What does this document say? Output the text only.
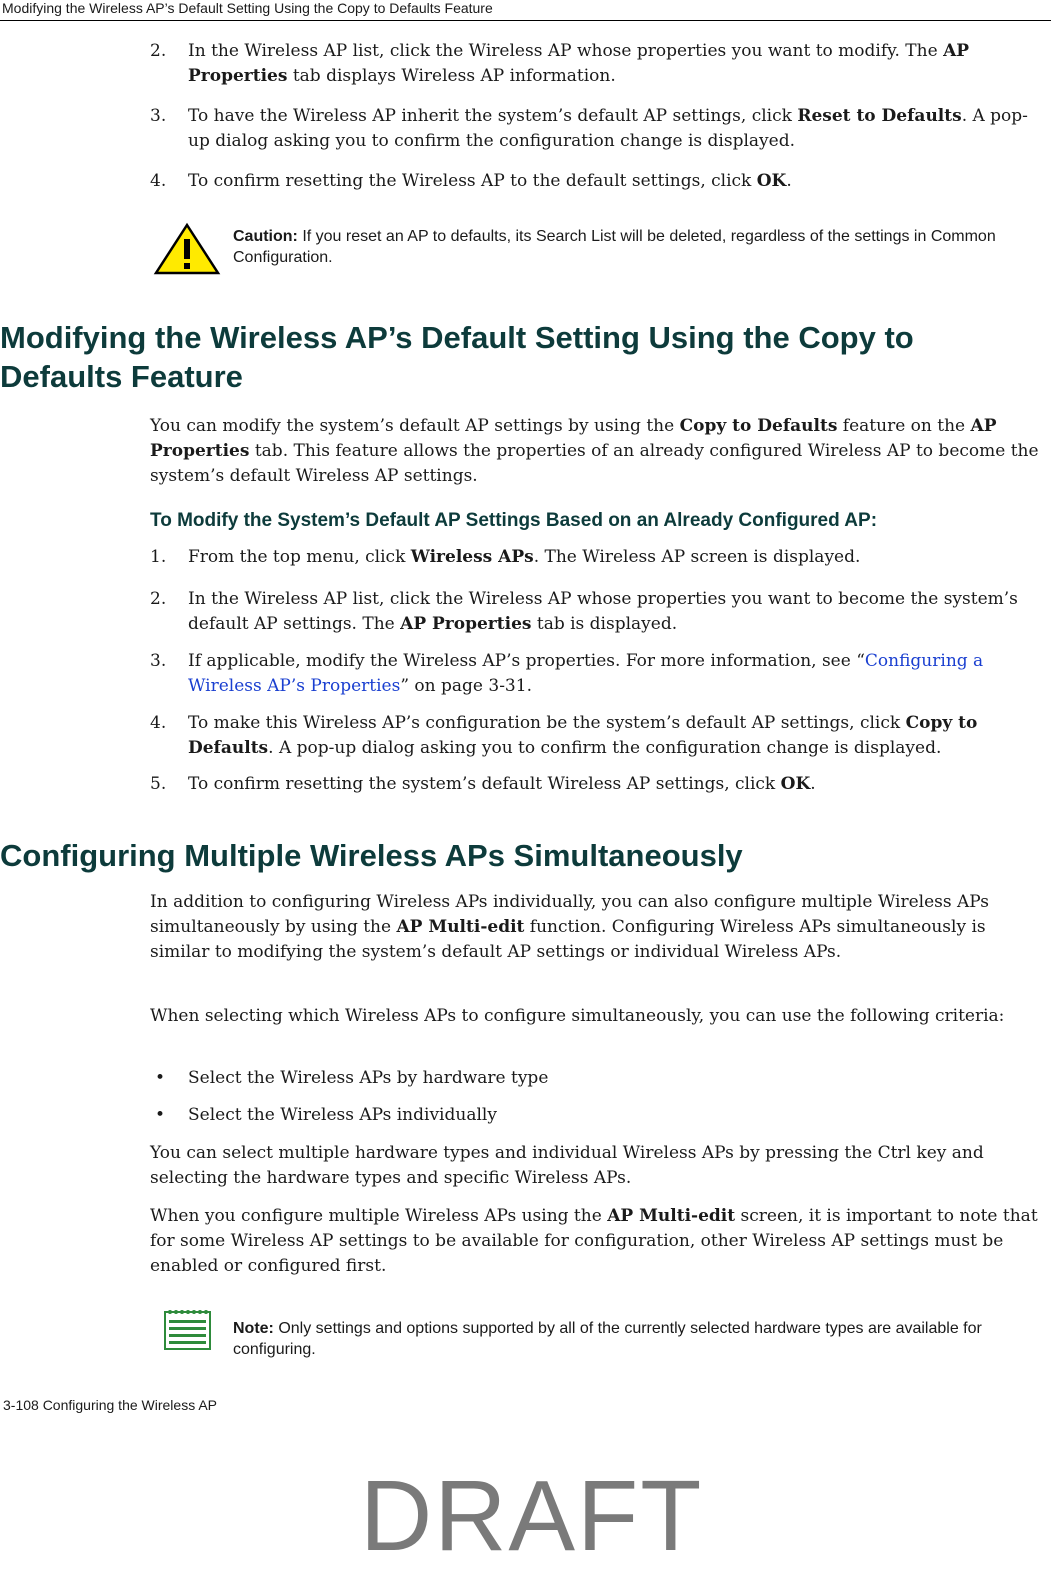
Modifying the Wireless AP’s Default Setting Using the Copy to Defaults Feature
2. In the Wireless AP list, click the Wireless AP whose properties you want to modify. The AP Properties tab displays Wireless AP information.

3. To have the Wireless AP inherit the system’s default AP settings, click Reset to Defaults. A pop-up dialog asking you to confirm the configuration change is displayed.

4. To confirm resetting the Wireless AP to the default settings, click OK.

Caution: If you reset an AP to defaults, its Search List will be deleted, regardless of the settings in Common Configuration.
Modifying the Wireless AP’s Default Setting Using the Copy to Defaults Feature

You can modify the system’s default AP settings by using the Copy to Defaults feature on the AP Properties tab. This feature allows the properties of an already configured Wireless AP to become the system’s default Wireless AP settings.

To Modify the System’s Default AP Settings Based on an Already Configured AP:
1. From the top menu, click Wireless APs. The Wireless AP screen is displayed.

2. In the Wireless AP list, click the Wireless AP whose properties you want to become the system’s default AP settings. The AP Properties tab is displayed.

3. If applicable, modify the Wireless AP’s properties. For more information, see “Configuring a Wireless AP’s Properties” on page 3-31.

4. To make this Wireless AP’s configuration be the system’s default AP settings, click Copy to Defaults. A pop-up dialog asking you to confirm the configuration change is displayed.

5. To confirm resetting the system’s default Wireless AP settings, click OK.

Configuring Multiple Wireless APs Simultaneously

In addition to configuring Wireless APs individually, you can also configure multiple Wireless APs simultaneously by using the AP Multi-edit function. Configuring Wireless APs simultaneously is similar to modifying the system’s default AP settings or individual Wireless APs.

When selecting which Wireless APs to configure simultaneously, you can use the following criteria:

• Select the Wireless APs by hardware type
• Select the Wireless APs individually

You can select multiple hardware types and individual Wireless APs by pressing the Ctrl key and selecting the hardware types and specific Wireless APs.

When you configure multiple Wireless APs using the AP Multi-edit screen, it is important to note that for some Wireless AP settings to be available for configuration, other Wireless AP settings must be enabled or configured first.

Note: Only settings and options supported by all of the currently selected hardware types are available for configuring.
3-108 Configuring the Wireless AP
DRAFT
